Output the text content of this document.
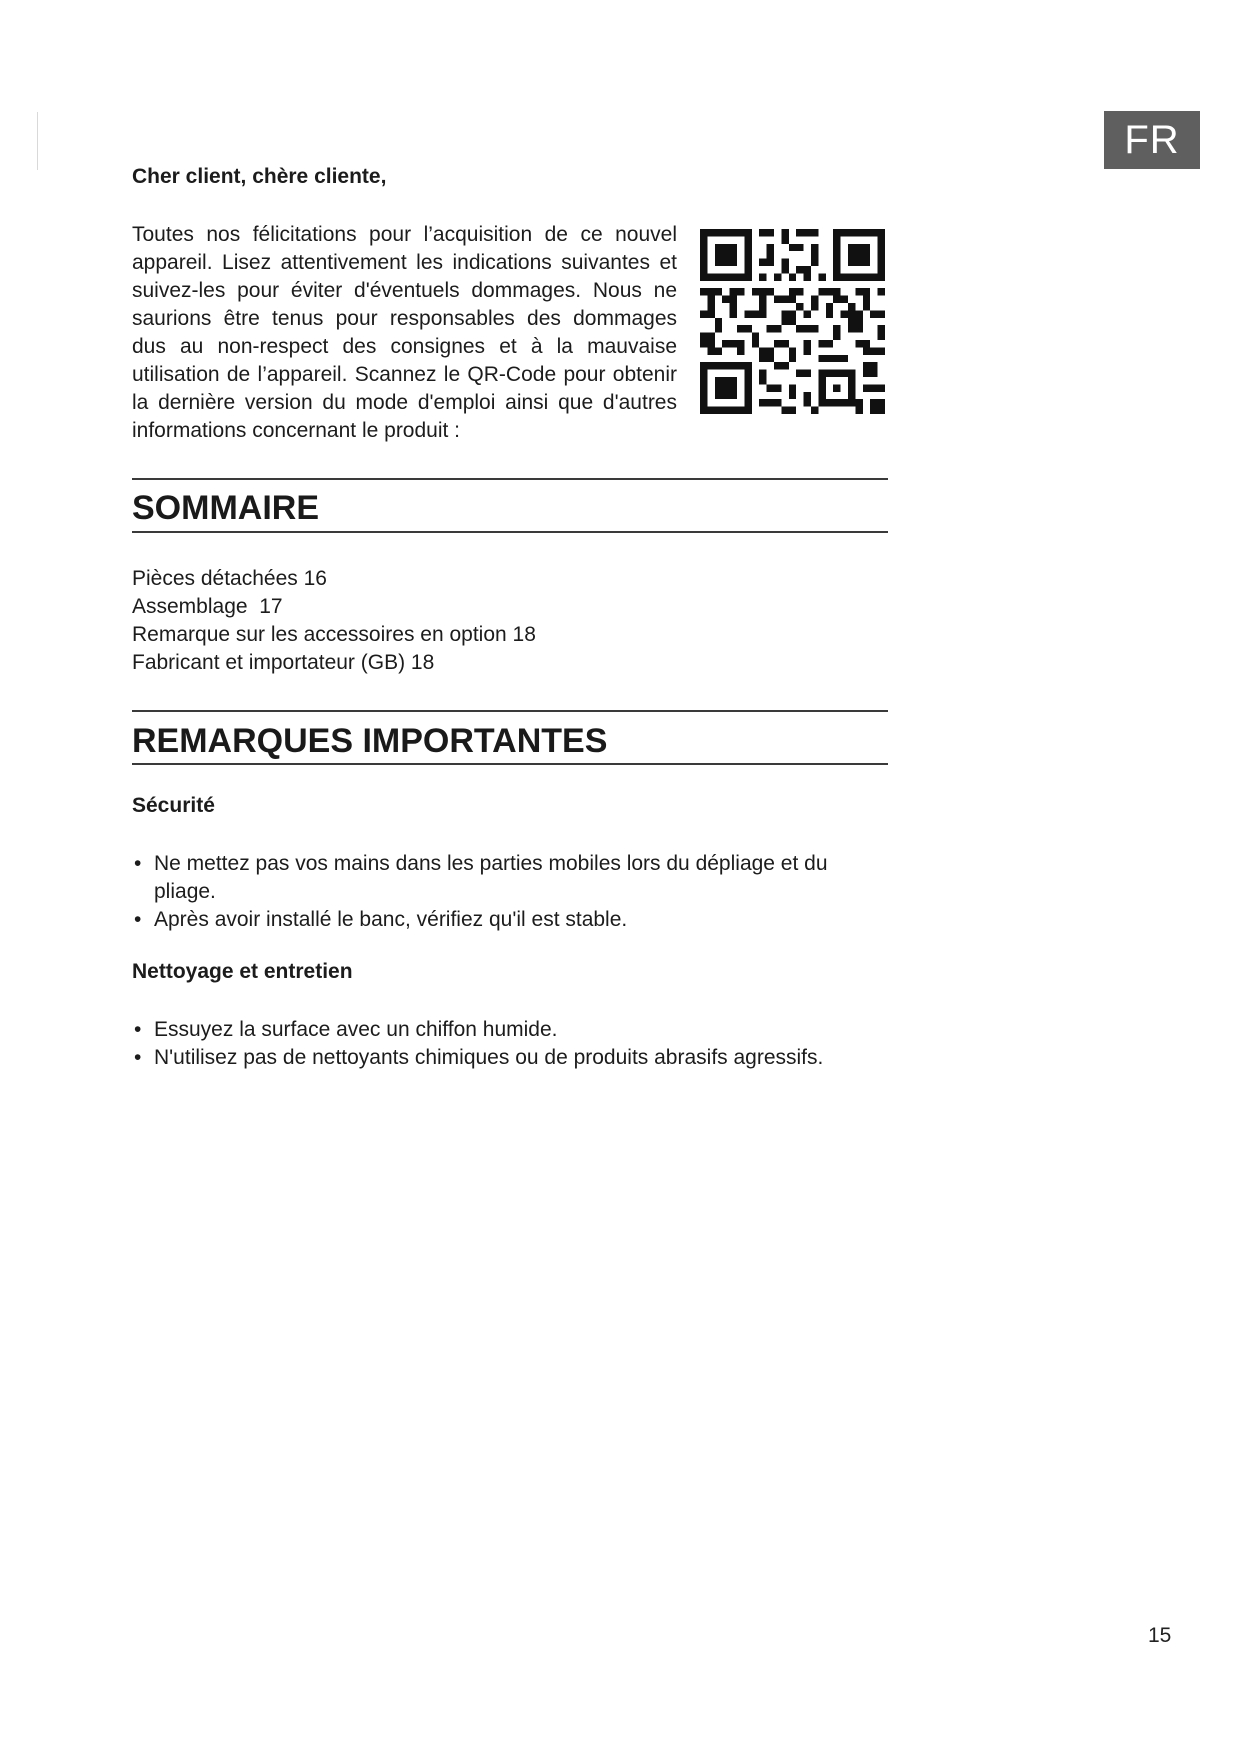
FR

Cher client, chère cliente,

Toutes nos félicitations pour l’acquisition de ce nouvel appareil. Lisez attentivement les indications suivantes et suivez-les pour éviter d'éventuels dommages. Nous ne saurions être tenus pour responsables des dommages dus au non-respect des consignes et à la mauvaise utilisation de l’appareil. Scannez le QR-Code pour obtenir la dernière version du mode d'emploi ainsi que d'autres informations concernant le produit :

SOMMAIRE
Pièces détachées 16
Assemblage  17
Remarque sur les accessoires en option 18
Fabricant et importateur (GB) 18
REMARQUES IMPORTANTES

Sécurité

• Ne mettez pas vos mains dans les parties mobiles lors du dépliage et du pliage.
• Après avoir installé le banc, vérifiez qu'il est stable.

Nettoyage et entretien

• Essuyez la surface avec un chiffon humide.
• N'utilisez pas de nettoyants chimiques ou de produits abrasifs agressifs.
15
